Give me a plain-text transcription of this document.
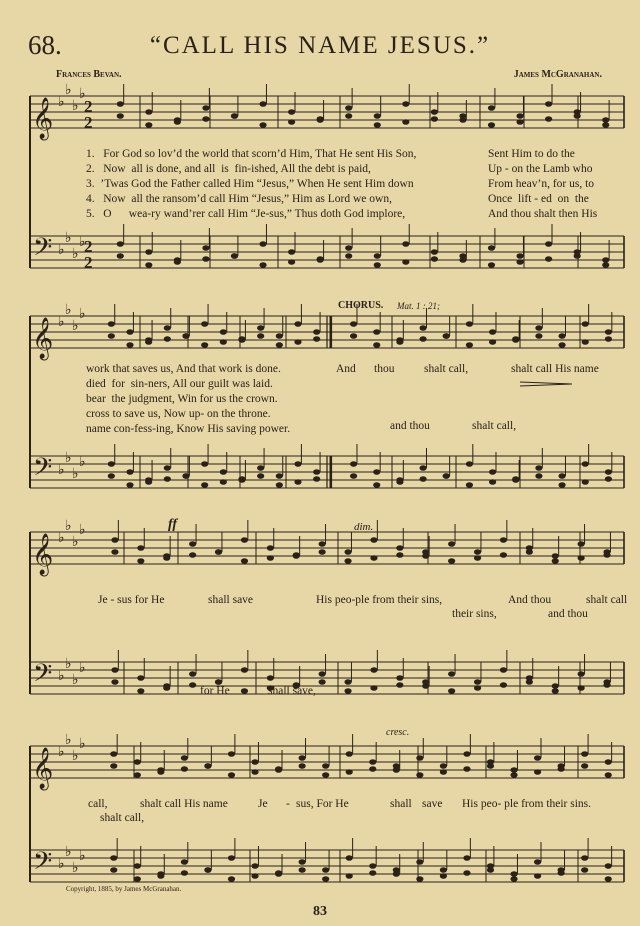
68.	“CALL HIS NAME JESUS.”
Frances Bevan.	James McGranahan.
𝄞
𝄢
♭
♭
♭
♭
♭
♭
♭
♭
2
2
2
2
𝄞
𝄢
♭
♭
♭
♭
♭
♭
♭
♭
𝄞
𝄢
♭
♭
♭
♭
♭
♭
♭
♭
𝄞
𝄢
♭
♭
♭
♭
♭
♭
♭
♭
1.   For God so lov’d the world that scorn’d Him, That He sent His Son,	Sent Him to do the
2.   Now  all is done, and all  is  fin-ished, All the debt is paid,	Up - on the Lamb who
3.  ’Twas God the Father called Him “Jesus,” When He sent Him down	From heav’n, for us, to
4.   Now  all the ransom’d call Him “Jesus,” Him as Lord we own,	Once  lift - ed  on  the
5.   O      wea-ry wand’rer call Him “Je-sus,” Thus doth God implore,	And thou shalt then His
work that saves us, And that work is done.
died  for  sin-ners, All our guilt was laid.
bear  the judgment, Win for us the crown.
cross to save us, Now up- on the throne.
name con-fess-ing, Know His saving power.
CHORUS. Mat. 1 : 21;
And thou	shalt call,	shalt call His name
and thou	shalt call,
ff	dim.
Je - sus for He	shall save	His peo-ple from their sins,	And thou	shalt call
their sins,	and thou
for He	shall save,
cresc.
call,	shalt call His name	Je - sus, For He	shall save His peo- ple from their sins.
shalt call,
Copyright, 1885, by James McGranahan.
83
